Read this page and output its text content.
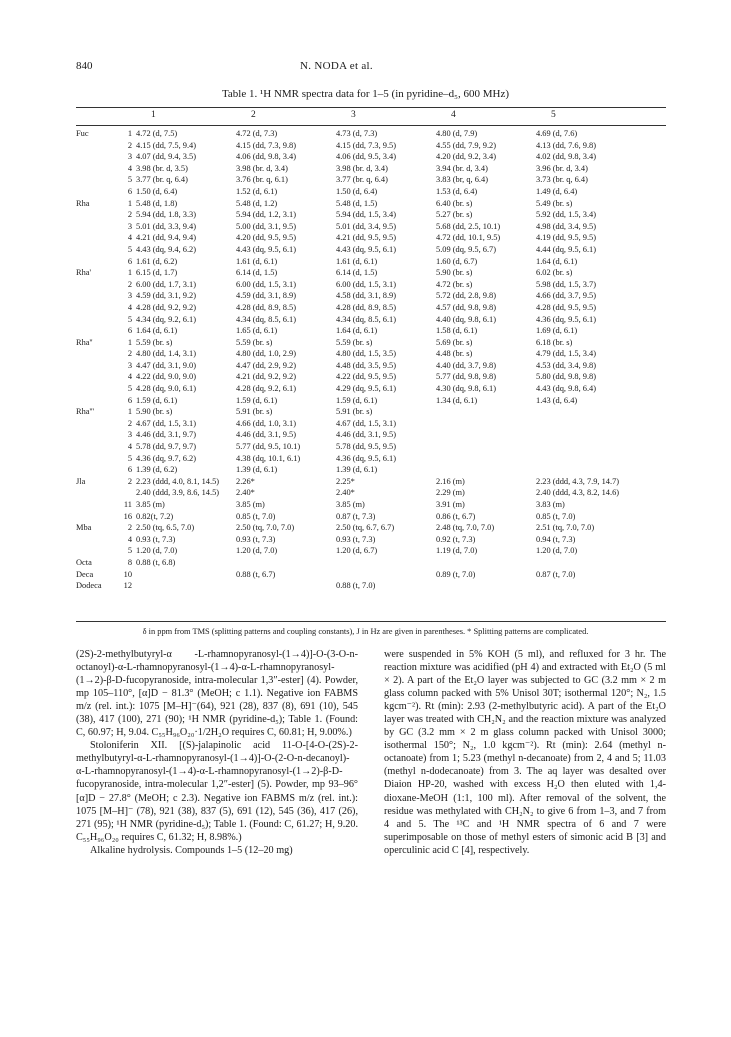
840	N. NODA et al.
Table 1. ¹H NMR spectra data for 1–5 (in pyridine–d₅, 600 MHz)
1	2	3	4	5
Fuc	1	4.72 (d, 7.5)	4.72 (d, 7.3)	4.73 (d, 7.3)	4.80 (d, 7.9)	4.69 (d, 7.6)
	2	4.15 (dd, 7.5, 9.4)	4.15 (dd, 7.3, 9.8)	4.15 (dd, 7.3, 9.5)	4.55 (dd, 7.9, 9.2)	4.13 (dd, 7.6, 9.8)
	3	4.07 (dd, 9.4, 3.5)	4.06 (dd, 9.8, 3.4)	4.06 (dd, 9.5, 3.4)	4.20 (dd, 9.2, 3.4)	4.02 (dd, 9.8, 3.4)
	4	3.98 (br. d, 3.5)	3.98 (br. d, 3.4)	3.98 (br. d, 3.4)	3.94 (br. d, 3.4)	3.96 (br. d, 3.4)
	5	3.77 (br. q, 6.4)	3.76 (br. q, 6.1)	3.77 (br. q, 6.4)	3.83 (br, q, 6.4)	3.73 (br. q, 6.4)
	6	1.50 (d, 6.4)	1.52 (d, 6.1)	1.50 (d, 6.4)	1.53 (d, 6.4)	1.49 (d, 6.4)
Rha	1	5.48 (d, 1.8)	5.48 (d, 1.2)	5.48 (d, 1.5)	6.40 (br. s)	5.49 (br. s)
	2	5.94 (dd, 1.8, 3.3)	5.94 (dd, 1.2, 3.1)	5.94 (dd, 1.5, 3.4)	5.27 (br. s)	5.92 (dd, 1.5, 3.4)
	3	5.01 (dd, 3.3, 9.4)	5.00 (dd, 3.1, 9.5)	5.01 (dd, 3.4, 9.5)	5.68 (dd, 2.5, 10.1)	4.98 (dd, 3.4, 9.5)
	4	4.21 (dd, 9.4, 9.4)	4.20 (dd, 9.5, 9.5)	4.21 (dd, 9.5, 9.5)	4.72 (dd, 10.1, 9.5)	4.19 (dd, 9.5, 9.5)
	5	4.43 (dq, 9.4, 6.2)	4.43 (dq, 9.5, 6.1)	4.43 (dq, 9.5, 6.1)	5.09 (dq, 9.5, 6.7)	4.44 (dq, 9.5, 6.1)
	6	1.61 (d, 6.2)	1.61 (d, 6.1)	1.61 (d, 6.1)	1.60 (d, 6.7)	1.64 (d, 6.1)
Rha'	1	6.15 (d, 1.7)	6.14 (d, 1.5)	6.14 (d, 1.5)	5.90 (br. s)	6.02 (br. s)
	2	6.00 (dd, 1.7, 3.1)	6.00 (dd, 1.5, 3.1)	6.00 (dd, 1.5, 3.1)	4.72 (br. s)	5.98 (dd, 1.5, 3.7)
	3	4.59 (dd, 3.1, 9.2)	4.59 (dd, 3.1, 8.9)	4.58 (dd, 3.1, 8.9)	5.72 (dd, 2.8, 9.8)	4.66 (dd, 3.7, 9.5)
	4	4.28 (dd, 9.2, 9.2)	4.28 (dd, 8.9, 8.5)	4.28 (dd, 8.9, 8.5)	4.57 (dd, 9.8, 9.8)	4.28 (dd, 9.5, 9.5)
	5	4.34 (dq, 9.2, 6.1)	4.34 (dq, 8.5, 6.1)	4.34 (dq, 8.5, 6.1)	4.40 (dq, 9.8, 6.1)	4.36 (dq, 9.5, 6.1)
	6	1.64 (d, 6.1)	1.65 (d, 6.1)	1.64 (d, 6.1)	1.58 (d, 6.1)	1.69 (d, 6.1)
Rha''	1	5.59 (br. s)	5.59 (br. s)	5.59 (br. s)	5.69 (br. s)	6.18 (br. s)
	2	4.80 (dd, 1.4, 3.1)	4.80 (dd, 1.0, 2.9)	4.80 (dd, 1.5, 3.5)	4.48 (br. s)	4.79 (dd, 1.5, 3.4)
	3	4.47 (dd, 3.1, 9.0)	4.47 (dd, 2.9, 9.2)	4.48 (dd, 3.5, 9.5)	4.40 (dd, 3.7, 9.8)	4.53 (dd, 3.4, 9.8)
	4	4.22 (dd, 9.0, 9.0)	4.21 (dd, 9.2, 9.2)	4.22 (dd, 9.5, 9.5)	5.77 (dd, 9.8, 9.8)	5.80 (dd, 9.8, 9.8)
	5	4.28 (dq, 9.0, 6.1)	4.28 (dq, 9.2, 6.1)	4.29 (dq, 9.5, 6.1)	4.30 (dq, 9.8, 6.1)	4.43 (dq, 9.8, 6.4)
	6	1.59 (d, 6.1)	1.59 (d, 6.1)	1.59 (d, 6.1)	1.34 (d, 6.1)	1.43 (d, 6.4)
Rha'''	1	5.90 (br. s)	5.91 (br. s)	5.91 (br. s)		
	2	4.67 (dd, 1.5, 3.1)	4.66 (dd, 1.0, 3.1)	4.67 (dd, 1.5, 3.1)		
	3	4.46 (dd, 3.1, 9.7)	4.46 (dd, 3.1, 9.5)	4.46 (dd, 3.1, 9.5)		
	4	5.78 (dd, 9.7, 9.7)	5.77 (dd, 9.5, 10.1)	5.78 (dd, 9.5, 9.5)		
	5	4.36 (dq, 9.7, 6.2)	4.38 (dq, 10.1, 6.1)	4.36 (dq, 9.5, 6.1)		
	6	1.39 (d, 6.2)	1.39 (d, 6.1)	1.39 (d, 6.1)		
Jla	2	2.23 (ddd, 4.0, 8.1, 14.5)	2.26*	2.25*	2.16 (m)	2.23 (ddd, 4.3, 7.9, 14.7)
		2.40 (ddd, 3.9, 8.6, 14.5)	2.40*	2.40*	2.29 (m)	2.40 (ddd, 4.3, 8.2, 14.6)
	11	3.85 (m)	3.85 (m)	3.85 (m)	3.91 (m)	3.83 (m)
	16	0.82(t, 7.2)	0.85 (t, 7.0)	0.87 (t, 7.3)	0.86 (t, 6.7)	0.85 (t, 7.0)
Mba	2	2.50 (tq, 6.5, 7.0)	2.50 (tq, 7.0, 7.0)	2.50 (tq, 6.7, 6.7)	2.48 (tq, 7.0, 7.0)	2.51 (tq, 7.0, 7.0)
	4	0.93 (t, 7.3)	0.93 (t, 7.3)	0.93 (t, 7.3)	0.92 (t, 7.3)	0.94 (t, 7.3)
	5	1.20 (d, 7.0)	1.20 (d, 7.0)	1.20 (d, 6.7)	1.19 (d, 7.0)	1.20 (d, 7.0)
Octa	8	0.88 (t, 6.8)				
Deca	10		0.88 (t, 6.7)		0.89 (t, 7.0)	0.87 (t, 7.0)
Dodeca	12			0.88 (t, 7.0)		
δ in ppm from TMS (splitting patterns and coupling constants), J in Hz are given in parentheses. * Splitting patterns are complicated.

(2S)-2-methylbutyryl-α -L-rhamnopyranosyl-(1→4)]-O-(3-O-n-octanoyl)-α-L-rhamnopyranosyl-(1→4)-α-L-rhamnopyranosyl-(1→2)-β-D-fucopyranoside, intra-molecular 1,3″-ester] (4). Powder, mp 105–110°, [α]D − 81.3° (MeOH; c 1.1). Negative ion FABMS m/z (rel. int.): 1075 [M–H]⁻(64), 921 (28), 837 (8), 691 (10), 545 (38), 417 (100), 271 (90); ¹H NMR (pyridine-d₅); Table 1. (Found: C, 60.97; H, 9.04. C₅₅H₉₆O₂₀·1/2H₂O requires C, 60.81; H, 9.00%.)

Stoloniferin XII. [(S)-jalapinolic acid 11-O-[4-O-(2S)-2-methylbutyryl-α-L-rhamnopyranosyl-(1→4)]-O-(2-O-n-decanoyl)-α-L-rhamnopyranosyl-(1→4)-α-L-rhamnopyranosyl-(1→2)-β-D-fucopyranoside, intra-molecular 1,2″-ester] (5). Powder, mp 93–96° [α]D − 27.8° (MeOH; c 2.3). Negative ion FABMS m/z (rel. int.): 1075 [M–H]⁻ (78), 921 (38), 837 (5), 691 (12), 545 (36), 417 (26), 271 (95); ¹H NMR (pyridine-d₅); Table 1. (Found: C, 61.27; H, 9.20. C₅₅H₉₆O₂₀ requires C, 61.32; H, 8.98%.)

Alkaline hydrolysis. Compounds 1–5 (12–20 mg)

were suspended in 5% KOH (5 ml), and refluxed for 3 hr. The reaction mixture was acidified (pH 4) and extracted with Et₂O (5 ml × 2). A part of the Et₂O layer was subjected to GC (3.2 mm × 2 m glass column packed with 5% Unisol 30T; isothermal 120°; N₂, 1.5 kgcm⁻²). Rt (min): 2.93 (2-methylbutyric acid). A part of the Et₂O layer was treated with CH₂N₂ and the reaction mixture was analyzed by GC (3.2 mm × 2 m glass column packed with Unisol 3000; isothermal 150°; N₂, 1.0 kgcm⁻²). Rt (min): 2.64 (methyl n-octanoate) from 1; 5.23 (methyl n-decanoate) from 2, 4 and 5; 11.03 (methyl n-dodecanoate) from 3. The aq layer was desalted over Diaion HP-20, washed with excess H₂O then eluted with 1,4-dioxane-MeOH (1:1, 100 ml). After removal of the solvent, the residue was methylated with CH₂N₂ to give 6 from 1–3, and 7 from 4 and 5. The ¹³C and ¹H NMR spectra of 6 and 7 were superimposable on those of methyl esters of simonic acid B [3] and operculinic acid C [4], respectively.
